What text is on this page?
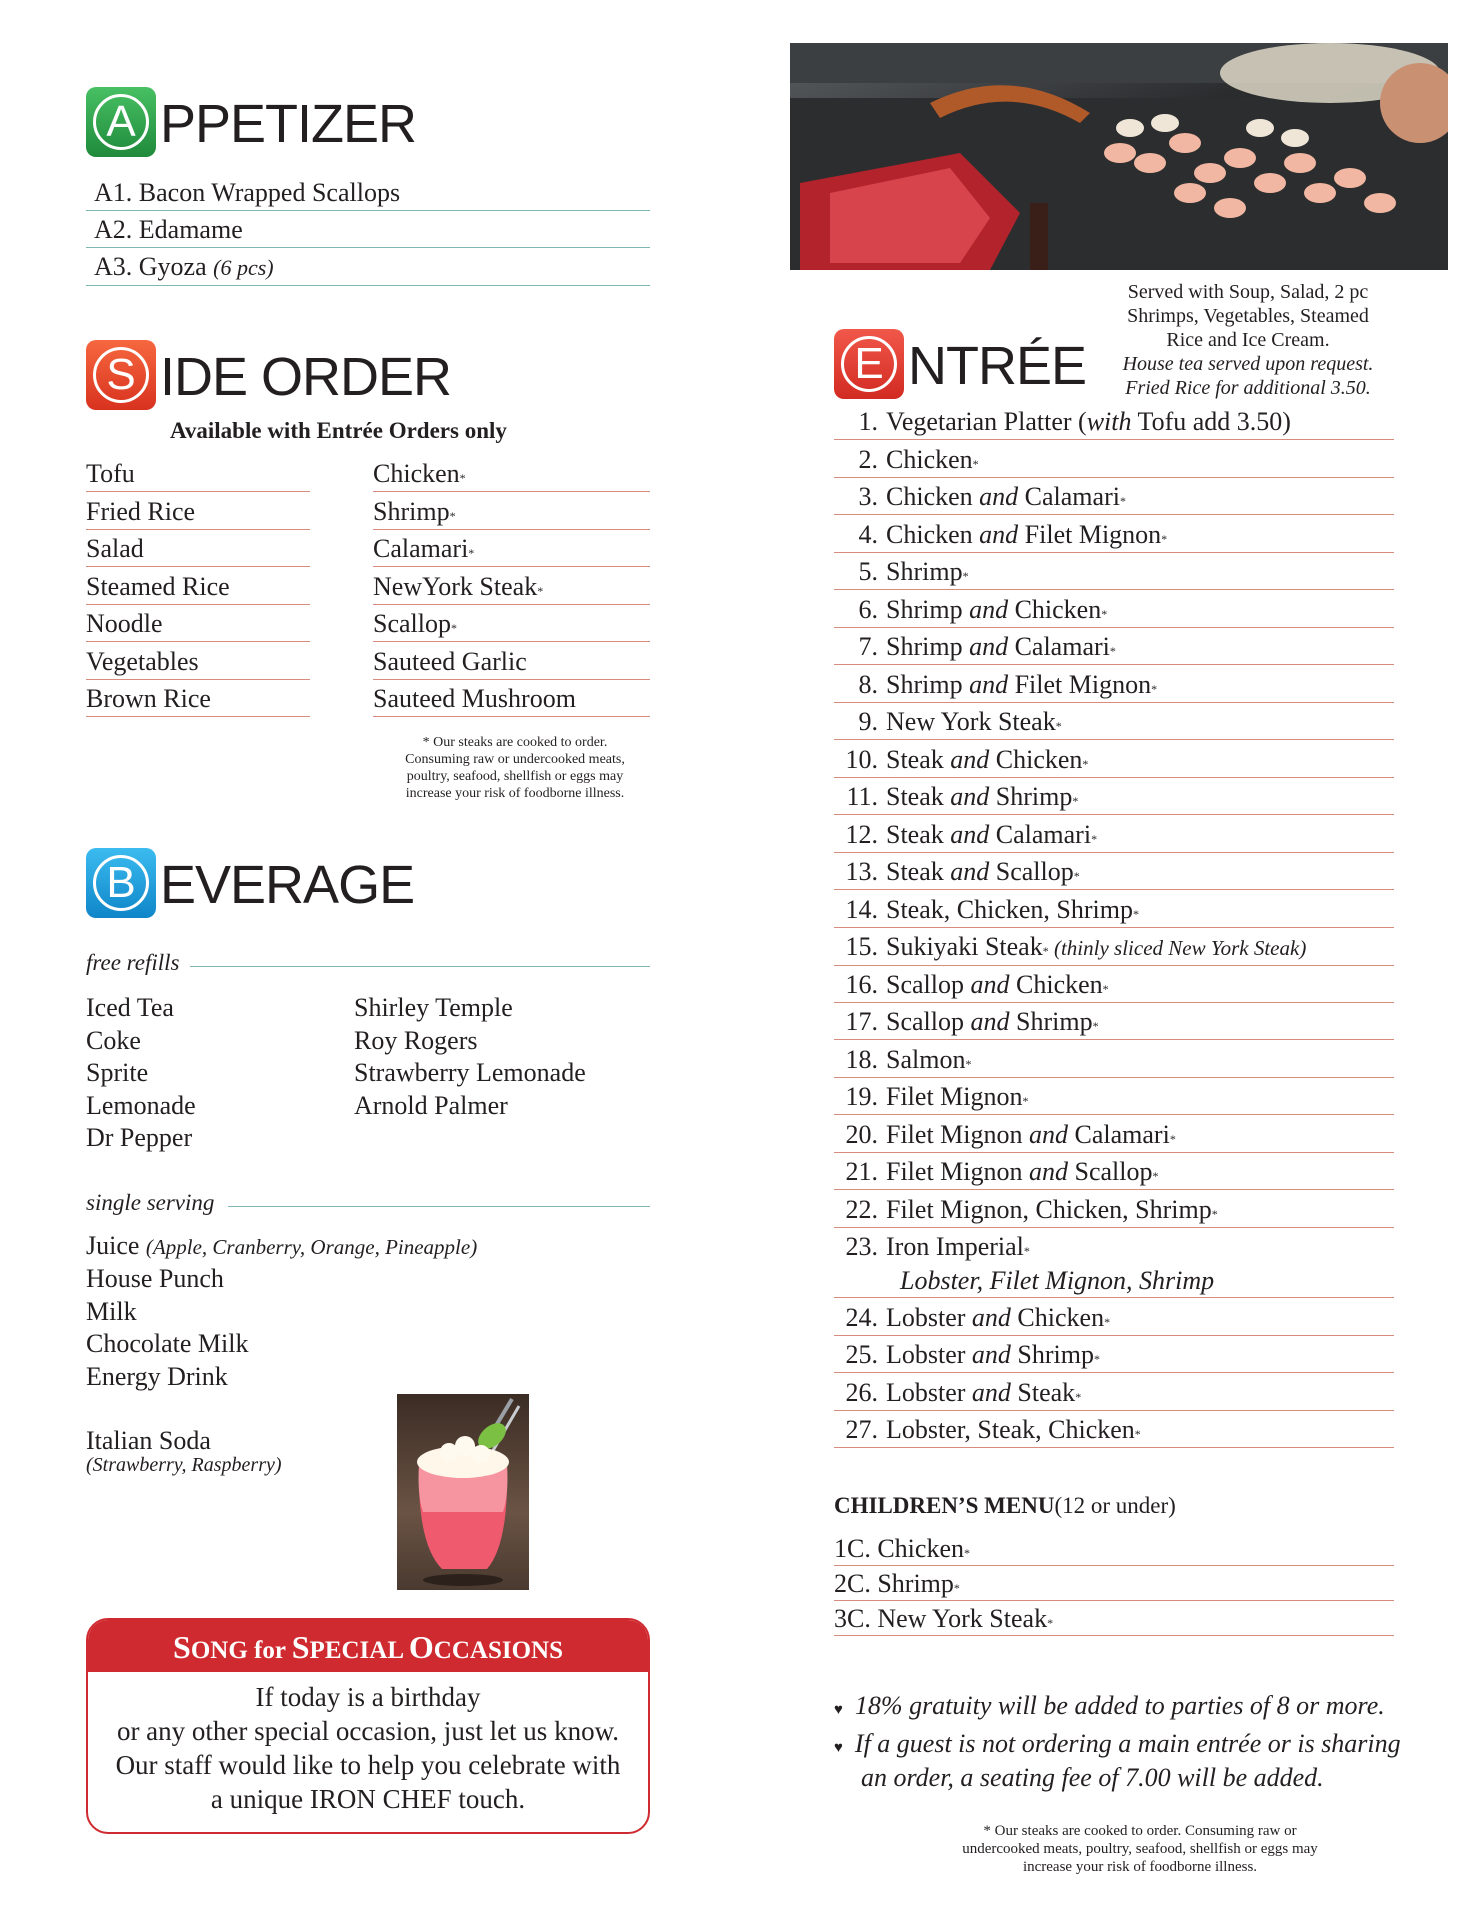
A PPETIZER
A1. Bacon Wrapped Scallops
A2. Edamame
A3. Gyoza (6 pcs)
S IDE ORDER
Available with Entrée Orders only
Tofu
Fried Rice
Salad
Steamed Rice
Noodle
Vegetables
Brown Rice
Chicken*
Shrimp*
Calamari*
NewYork Steak*
Scallop*
Sauteed Garlic
Sauteed Mushroom
* Our steaks are cooked to order.
Consuming raw or undercooked meats,
poultry, seafood, shellfish or eggs may
increase your risk of foodborne illness.
B EVERAGE
free refills
Iced Tea
Coke
Sprite
Lemonade
Dr Pepper
Shirley Temple
Roy Rogers
Strawberry Lemonade
Arnold Palmer
single serving
Juice (Apple, Cranberry, Orange, Pineapple)
House Punch
Milk
Chocolate Milk
Energy Drink
Italian Soda
(Strawberry, Raspberry)
SONG for SPECIAL OCCASIONS
If today is a birthday
or any other special occasion, just let us know.
Our staff would like to help you celebrate with
a unique IRON CHEF touch.
E NTRÉE
Served with Soup, Salad, 2 pc
Shrimps, Vegetables, Steamed
Rice and Ice Cream.
House tea served upon request.
Fried Rice for additional 3.50.
1. Vegetarian Platter (with Tofu add 3.50)
2. Chicken*
3. Chicken and Calamari*
4. Chicken and Filet Mignon*
5. Shrimp*
6. Shrimp and Chicken*
7. Shrimp and Calamari*
8. Shrimp and Filet Mignon*
9. New York Steak*
10. Steak and Chicken*
11. Steak and Shrimp*
12. Steak and Calamari*
13. Steak and Scallop*
14. Steak, Chicken, Shrimp*
15. Sukiyaki Steak* (thinly sliced New York Steak)
16. Scallop and Chicken*
17. Scallop and Shrimp*
18. Salmon*
19. Filet Mignon*
20. Filet Mignon and Calamari*
21. Filet Mignon and Scallop*
22. Filet Mignon, Chicken, Shrimp*
23. Iron Imperial*
Lobster, Filet Mignon, Shrimp
24. Lobster and Chicken*
25. Lobster and Shrimp*
26. Lobster and Steak*
27. Lobster, Steak, Chicken*
CHILDREN’S MENU(12 or under)
1C. Chicken*
2C. Shrimp*
3C. New York Steak*
♥ 18% gratuity will be added to parties of 8 or more.
♥ If a guest is not ordering a main entrée or is sharing
an order, a seating fee of 7.00 will be added.
* Our steaks are cooked to order. Consuming raw or
undercooked meats, poultry, seafood, shellfish or eggs may
increase your risk of foodborne illness.
